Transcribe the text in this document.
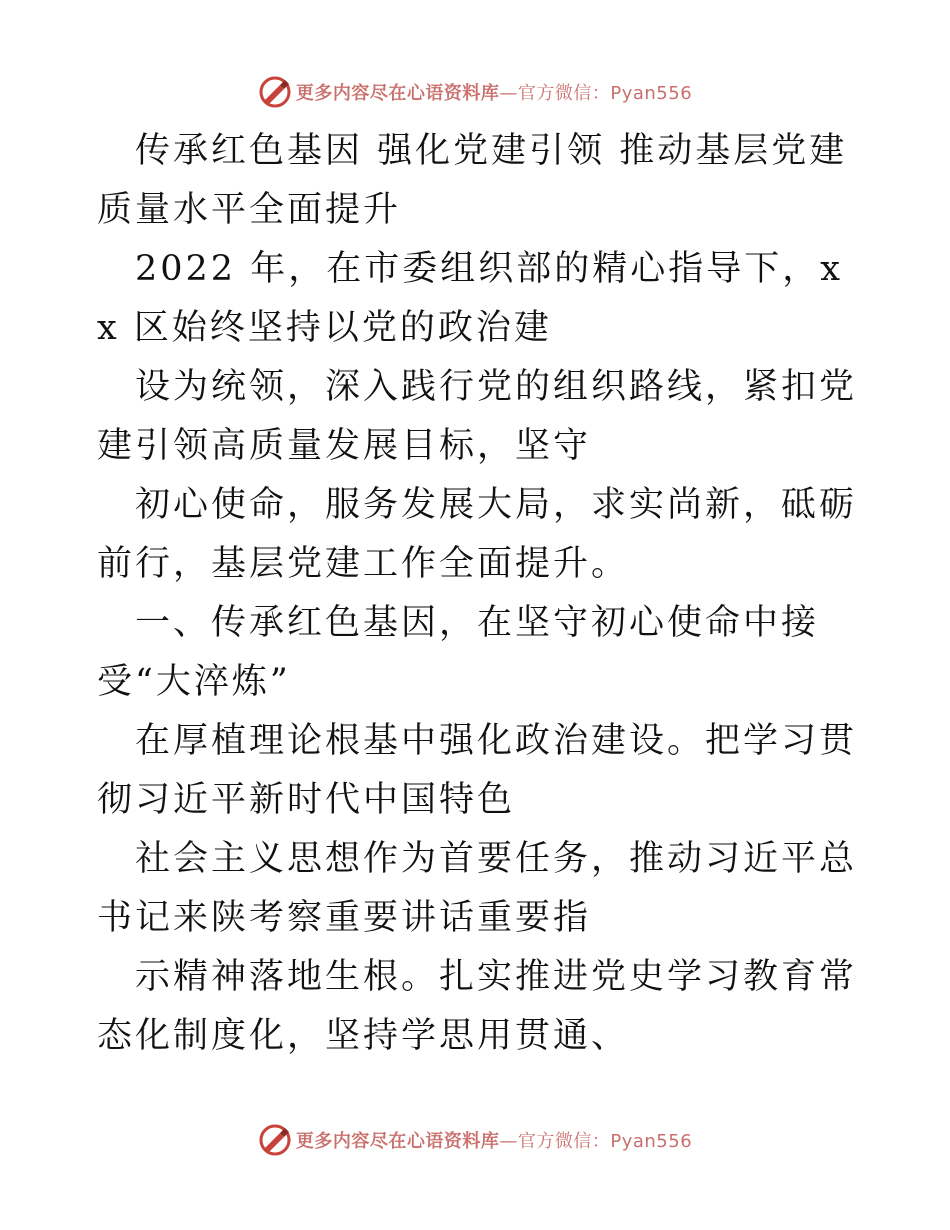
更多内容尽在心语资料库—官方微信：Pyan556

传承红色基因 强化党建引领 推动基层党建质量水平全面提升

2022 年，在市委组织部的精心指导下，xx 区始终坚持以党的政治建

设为统领，深入践行党的组织路线，紧扣党建引领高质量发展目标，坚守

初心使命，服务发展大局，求实尚新，砥砺前行，基层党建工作全面提升。

一、传承红色基因，在坚守初心使命中接受“大淬炼”

在厚植理论根基中强化政治建设。把学习贯彻习近平新时代中国特色

社会主义思想作为首要任务，推动习近平总书记来陕考察重要讲话重要指

示精神落地生根。扎实推进党史学习教育常态化制度化，坚持学思用贯通、

更多内容尽在心语资料库—官方微信：Pyan556
